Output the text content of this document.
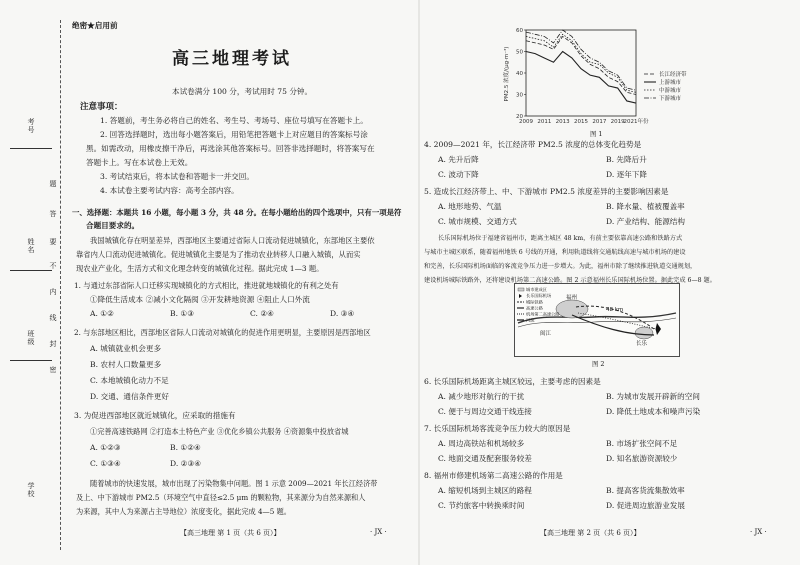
考号
姓名
班级
学校
题
答
要
不
内
线
封
密
绝密★启用前
高三地理考试
本试卷满分 100 分，考试用时 75 分钟。
注意事项：
1. 答题前，考生务必将自己的姓名、考生号、考场号、座位号填写在答题卡上。
2. 回答选择题时，选出每小题答案后，用铅笔把答题卡上对应题目的答案标号涂
黑。如需改动，用橡皮擦干净后，再选涂其他答案标号。回答非选择题时，将答案写在
答题卡上。写在本试卷上无效。
3. 考试结束后，将本试卷和答题卡一并交回。
4. 本试卷主要考试内容：高考全部内容。
一、选择题：本题共 16 小题，每小题 3 分，共 48 分。在每小题给出的四个选项中，只有一项是符
合题目要求的。
我国城镇化存在明显差异，西部地区主要通过省际人口流动促进城镇化，东部地区主要依
靠省内人口流动促进城镇化。促进城镇化主要是为了推动农业转移人口融入城镇，从而实
现农业产业化，生活方式和文化理念转变的城镇化过程。据此完成 1—3 题。
1. 与通过东部省际人口迁移实现城镇化的方式相比，推进就地城镇化的有利之处有
①降低生活成本 ②减小文化隔阂 ③开发耕地资源 ④阻止人口外流
A. ①②	B. ①③	C. ②④	D. ③④
2. 与东部地区相比，西部地区省际人口流动对城镇化的促进作用更明显，主要原因是西部地区
A. 城镇就业机会更多
B. 农村人口数量更多
C. 本地城镇化动力不足
D. 交通、通信条件更好
3. 为促进西部地区就近城镇化，应采取的措施有
①完善高速铁路网 ②打造本土特色产业 ③优化乡镇公共服务 ④资源集中投放省城
A. ①②③	B. ①②④
C. ①③④	D. ②③④
随着城市的快速发展，城市出现了污染物集中问题。图 1 示意 2009—2021 年长江经济带
及上、中下游城市 PM2.5（环境空气中直径≤2.5 μm 的颗粒物，其来源分为自然来源和人
为来源，其中人为来源占主导地位）浓度变化，据此完成 4—5 题。
【高三地理 第 1 页（共 6 页）】	· JX ·
20
30
40
50
60
2009 2011 2013 2015 2017 2019
2021年份
PM2.5 浓度/(μg·m⁻³)	长江经济带
上游城市
中游城市
下游城市
图 1
4. 2009—2021 年，长江经济带 PM2.5 浓度的总体变化趋势是
A. 先升后降	B. 先降后升
C. 波动下降	D. 逐年下降
5. 造成长江经济带上、中、下游城市 PM2.5 浓度差异的主要影响因素是
A. 地形地势、气温	B. 降水量、植被覆盖率
C. 城市规模、交通方式	D. 产业结构、能源结构
长乐国际机场位于福建省福州市，距离主城区 48 km，有前主要依靠高速公路和铁路方式
与城市主城区联系，随着福州地铁 6 号线的开通，利用轨道线将交通航线高速与城市机场的建设
和完善，长乐国际机场面临的客流竞争压力进一步增大。为此，福州市除了继续推进轨道交通规划，
建设机场城际铁路外，还将建设机场第二高速公路。图 2 示意福州长乐国际机场位置。据此完成 6—8 题。
福州
长乐
闽江
48 km
城市建成区
长乐国际机场
城际铁路
高速公路
机场第二高速公路
河流
图 2
6. 长乐国际机场距离主城区较远，主要考虑的因素是
A. 减少地形对航行的干扰	B. 为城市发展开辟新的空间
C. 便于与周边交通干线连接	D. 降低土地成本和噪声污染
7. 长乐国际机场客流竞争压力较大的原因是
A. 周边高铁站和机场较多	B. 市场扩张空间不足
C. 地面交通及配套服务较差	D. 知名旅游资源较少
8. 福州市修建机场第二高速公路的作用是
A. 缩短机场到主城区的路程	B. 提高客货流集散效率
C. 节约旅客中转换乘时间	D. 促进周边旅游业发展
【高三地理 第 2 页（共 6 页）】	· JX ·
